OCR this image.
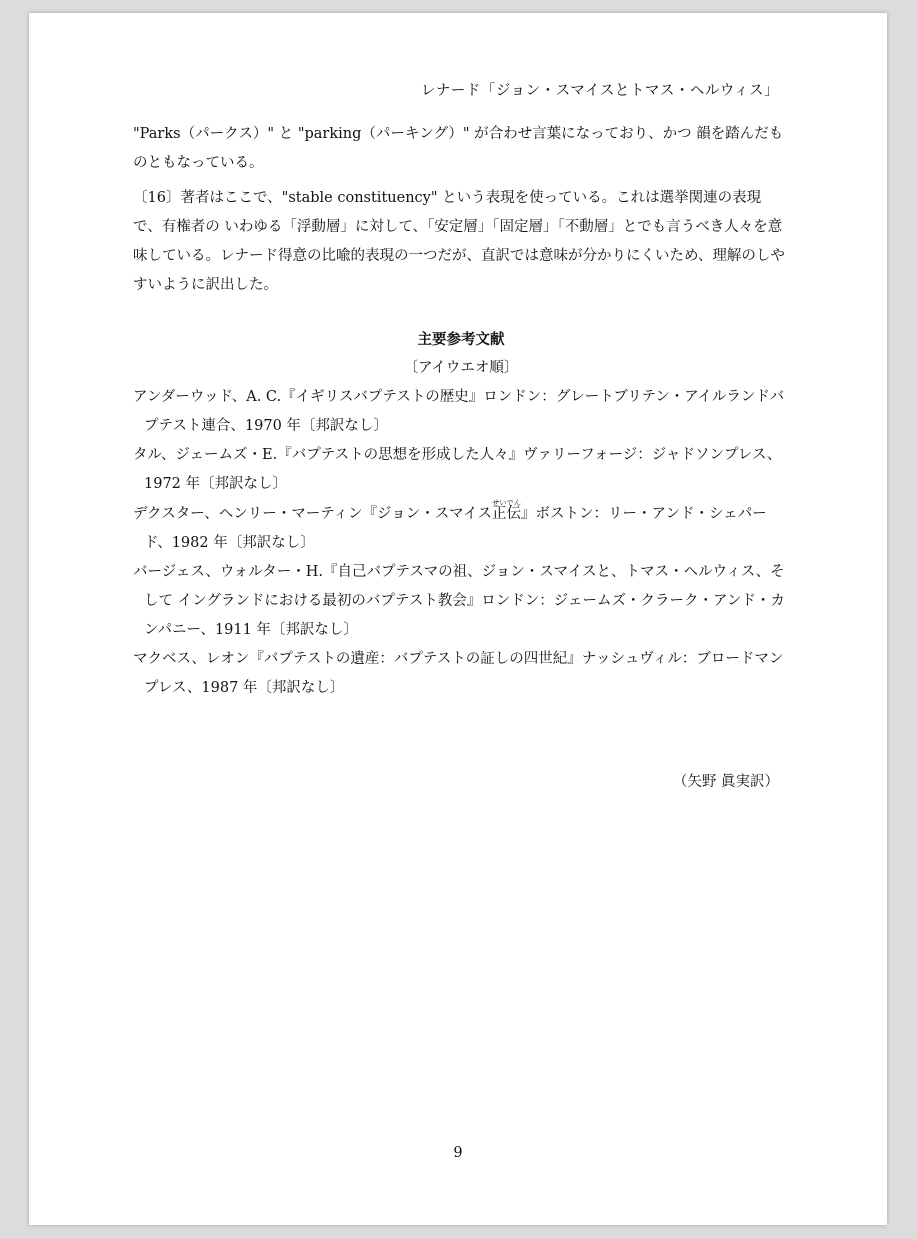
レナード「ジョン・スマイスとトマス・ヘルウィス」

"Parks（パークス）" と "parking（パーキング）" が合わせ言葉になっており、かつ 韻を踏んだものともなっている。

〔16〕著者はここで、"stable constituency" という表現を使っている。これは選挙関連の表現で、有権者の いわゆる「浮動層」に対して、「安定層」「固定層」「不動層」とでも言うべき人々を意味している。レナード得意の比喩的表現の一つだが、直訳では意味が分かりにくいため、理解のしやすいように訳出した。

主要参考文献
〔アイウエオ順〕
アンダーウッド、A. C.『イギリスバプテストの歴史』ロンドン：グレートブリテン・アイルランドバプテスト連合、1970 年〔邦訳なし〕
タル、ジェームズ・E.『バプテストの思想を形成した人々』ヴァリーフォージ：ジャドソンプレス、1972 年〔邦訳なし〕
デクスター、ヘンリー・マーティン『ジョン・スマイス正伝せいでん』ボストン：リー・アンド・シェパード、1982 年〔邦訳なし〕
バージェス、ウォルター・H.『自己バプテスマの祖、ジョン・スマイスと、トマス・ヘルウィス、そして イングランドにおける最初のバプテスト教会』ロンドン：ジェームズ・クラーク・アンド・カンパニー、1911 年〔邦訳なし〕
マクベス、レオン『バプテストの遺産：バプテストの証しの四世紀』ナッシュヴィル：ブロードマンプレス、1987 年〔邦訳なし〕
（矢野 眞実訳）
9
